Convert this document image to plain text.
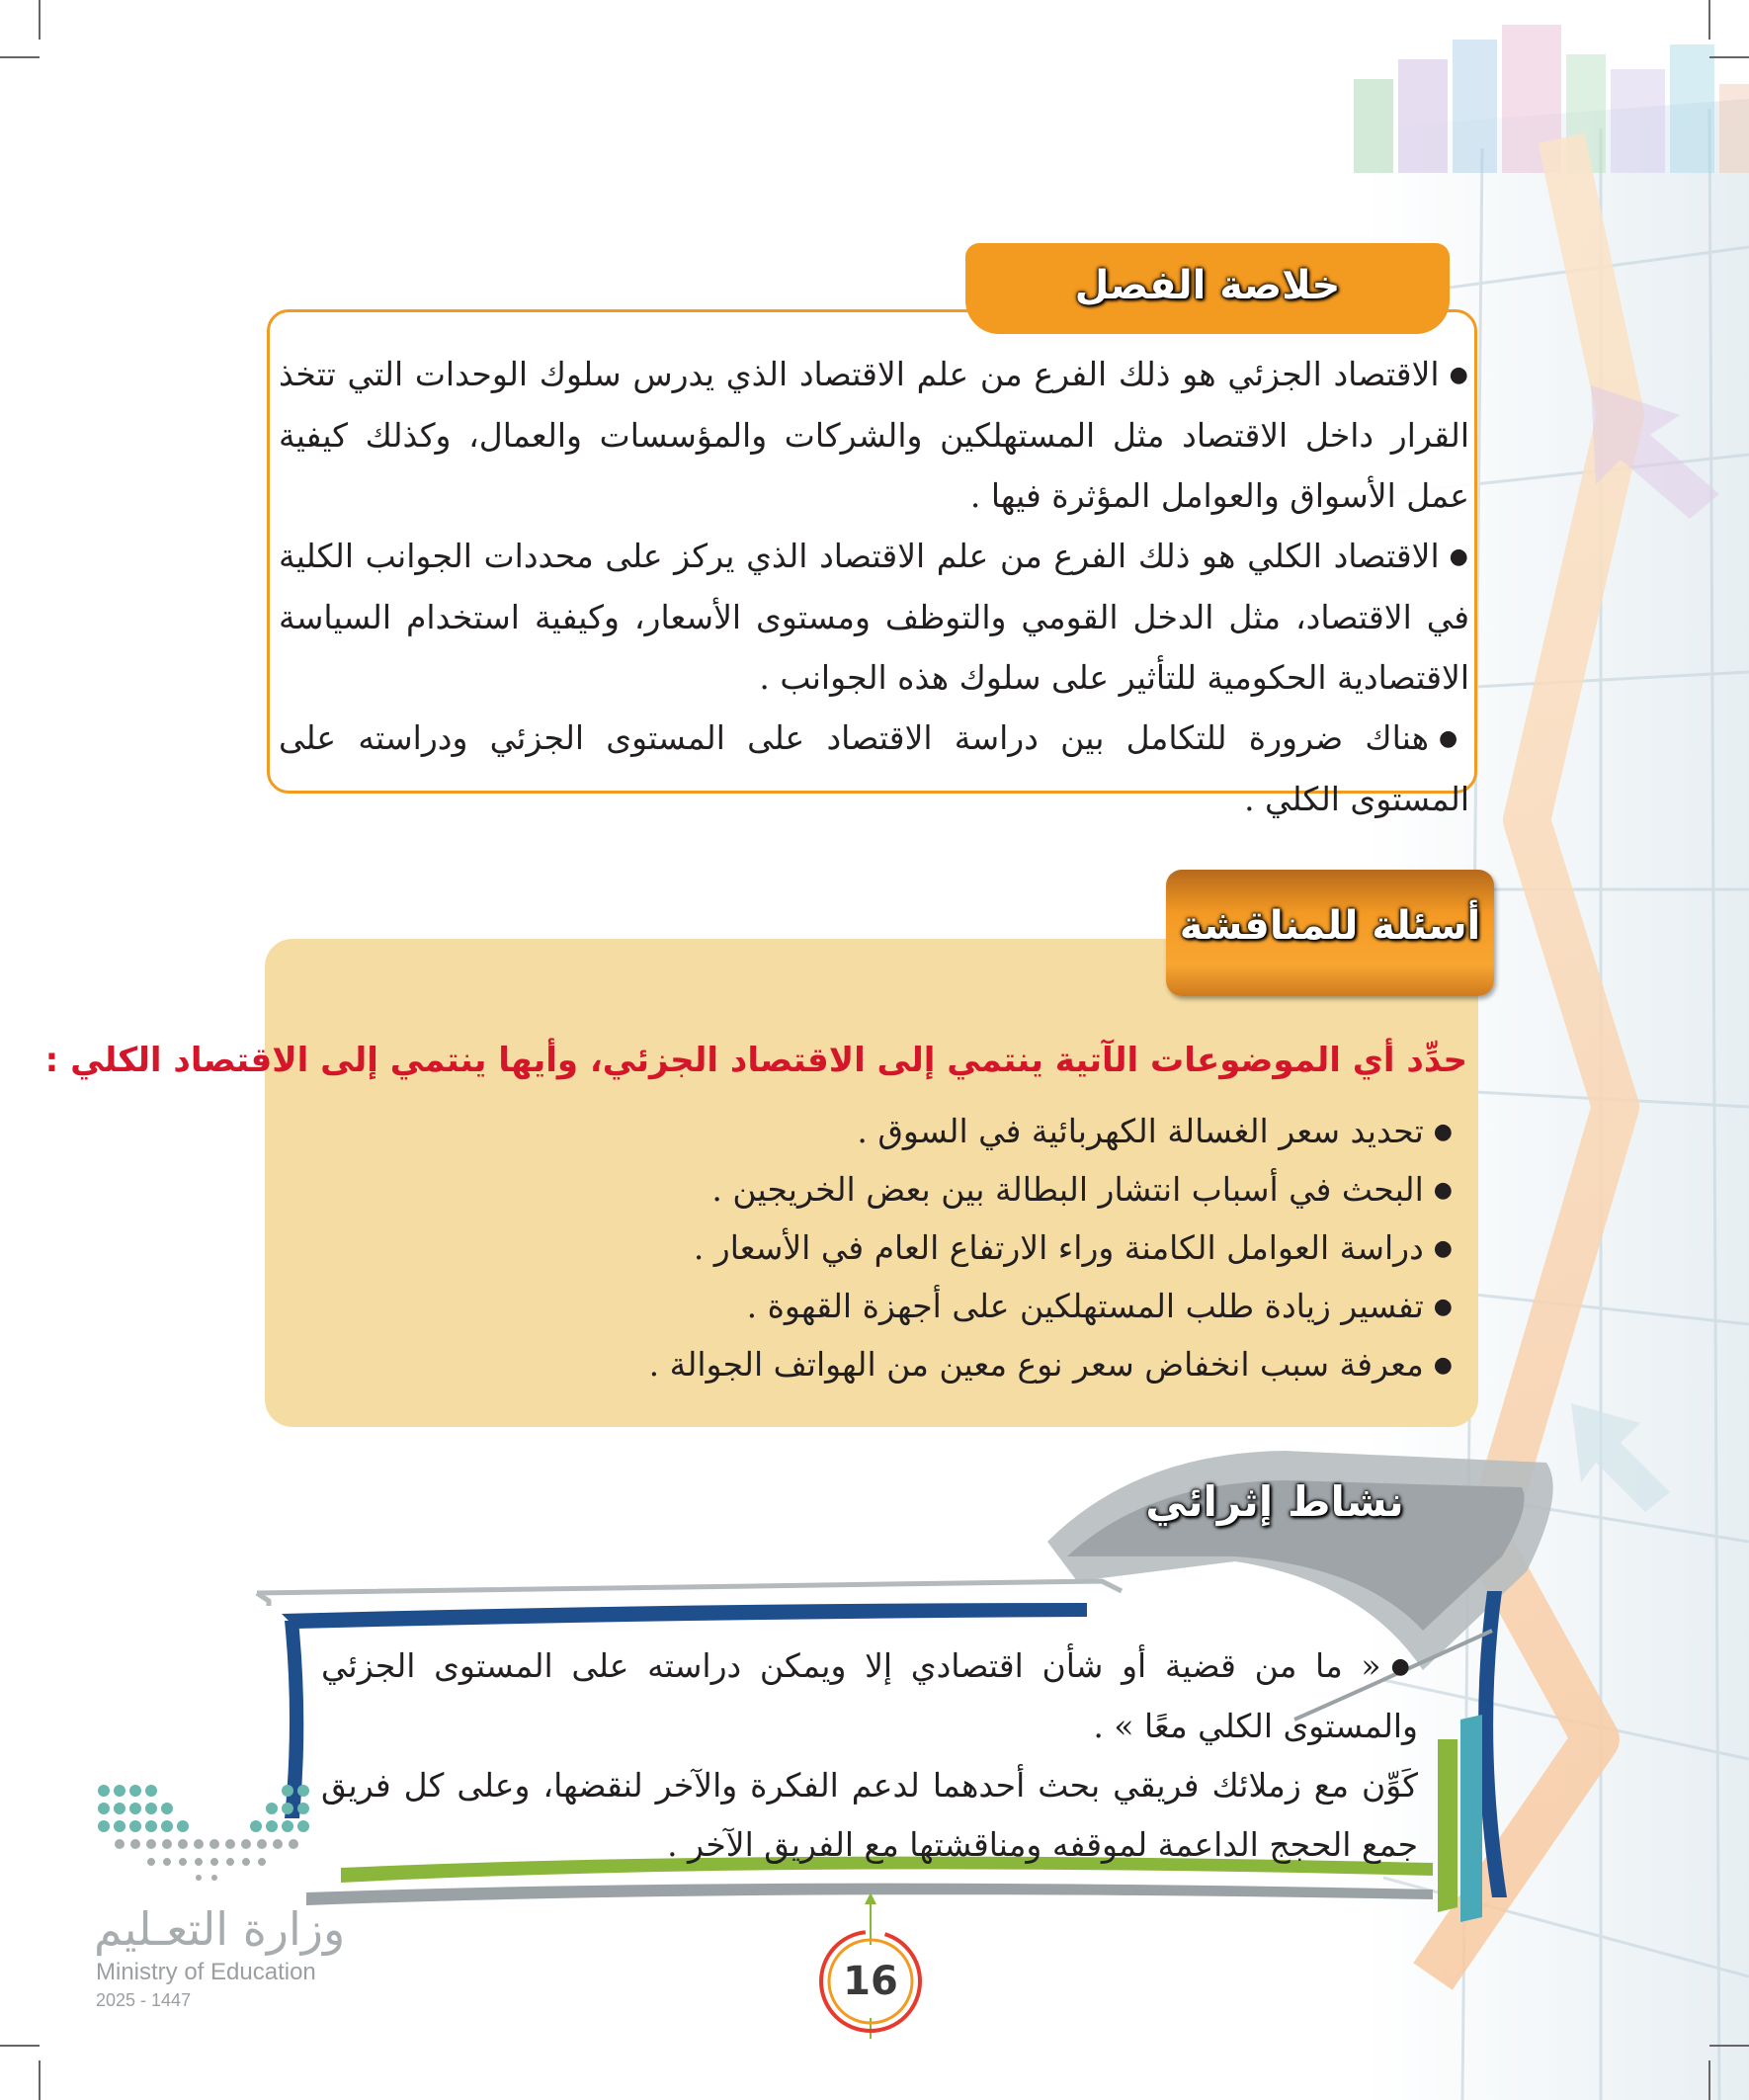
خلاصة الفصل

● الاقتصاد الجزئي هو ذلك الفرع من علم الاقتصاد الذي يدرس سلوك الوحدات التي تتخذ القرار داخل الاقتصاد مثل المستهلكين والشركات والمؤسسات والعمال، وكذلك كيفية عمل الأسواق والعوامل المؤثرة فيها .

● الاقتصاد الكلي هو ذلك الفرع من علم الاقتصاد الذي يركز على محددات الجوانب الكلية في الاقتصاد، مثل الدخل القومي والتوظف ومستوى الأسعار، وكيفية استخدام السياسة الاقتصادية الحكومية للتأثير على سلوك هذه الجوانب .

● هناك ضرورة للتكامل بين دراسة الاقتصاد على المستوى الجزئي ودراسته على المستوى الكلي .

أسئلة للمناقشة
حدِّد أي الموضوعات الآتية ينتمي إلى الاقتصاد الجزئي، وأيها ينتمي إلى الاقتصاد الكلي :
● تحديد سعر الغسالة الكهربائية في السوق .
● البحث في أسباب انتشار البطالة بين بعض الخريجين .
● دراسة العوامل الكامنة وراء الارتفاع العام في الأسعار .
● تفسير زيادة طلب المستهلكين على أجهزة القهوة .
● معرفة سبب انخفاض سعر نوع معين من الهواتف الجوالة .
نشاط إثرائي

● « ما من قضية أو شأن اقتصادي إلا ويمكن دراسته على المستوى الجزئي والمستوى الكلي معًا » .

كَوِّن مع زملائك فريقي بحث أحدهما لدعم الفكرة والآخر لنقضها، وعلى كل فريق جمع الحجج الداعمة لموقفه ومناقشتها مع الفريق الآخر .

وزارة التعـليم
Ministry of Education
2025 - 1447	16
